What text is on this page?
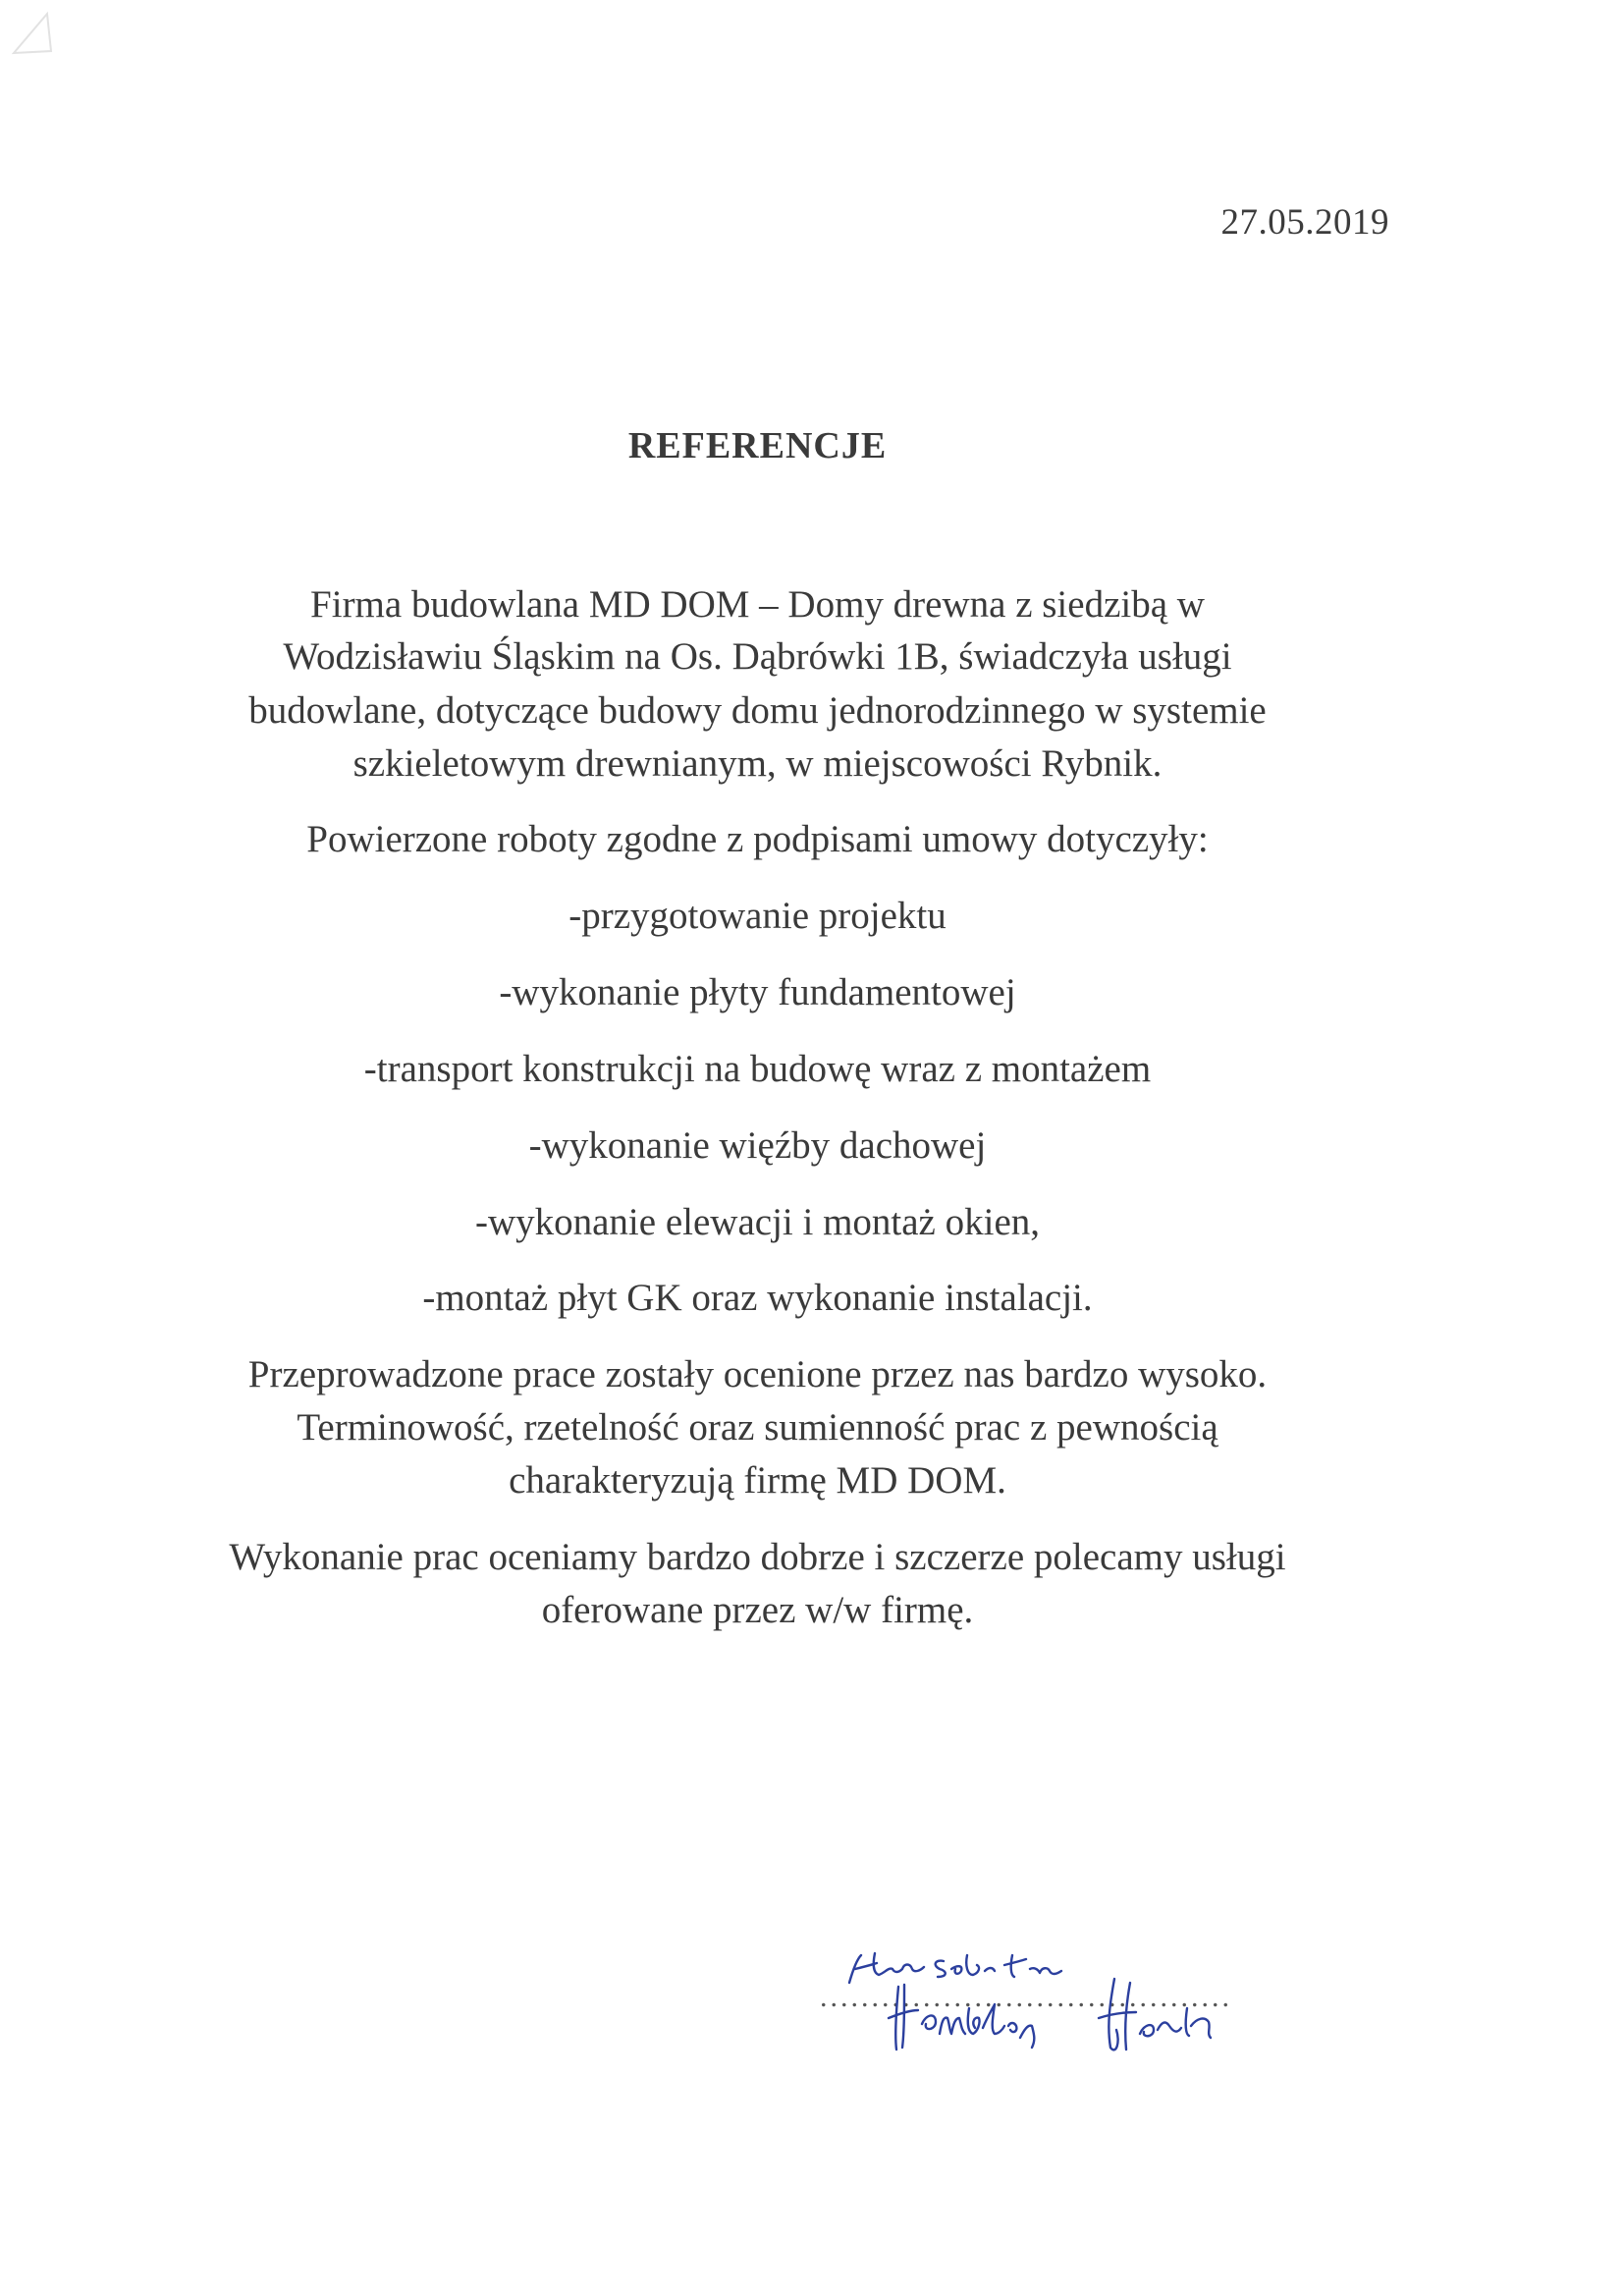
27.05.2019
REFERENCJE
Firma budowlana MD DOM – Domy drewna z siedzibą w
Wodzisławiu Śląskim na Os. Dąbrówki 1B, świadczyła usługi
budowlane, dotyczące budowy domu jednorodzinnego w systemie
szkieletowym drewnianym, w miejscowości Rybnik.
Powierzone roboty zgodne z podpisami umowy dotyczyły:
-przygotowanie projektu
-wykonanie płyty fundamentowej
-transport konstrukcji na budowę wraz z montażem
-wykonanie więźby dachowej
-wykonanie elewacji i montaż okien,
-montaż płyt GK oraz wykonanie instalacji.
Przeprowadzone prace zostały ocenione przez nas bardzo wysoko.
Terminowość, rzetelność oraz sumienność prac z pewnością
charakteryzują firmę MD DOM.
Wykonanie prac oceniamy bardzo dobrze i szczerze polecamy usługi
oferowane przez w/w firmę.
........................................
